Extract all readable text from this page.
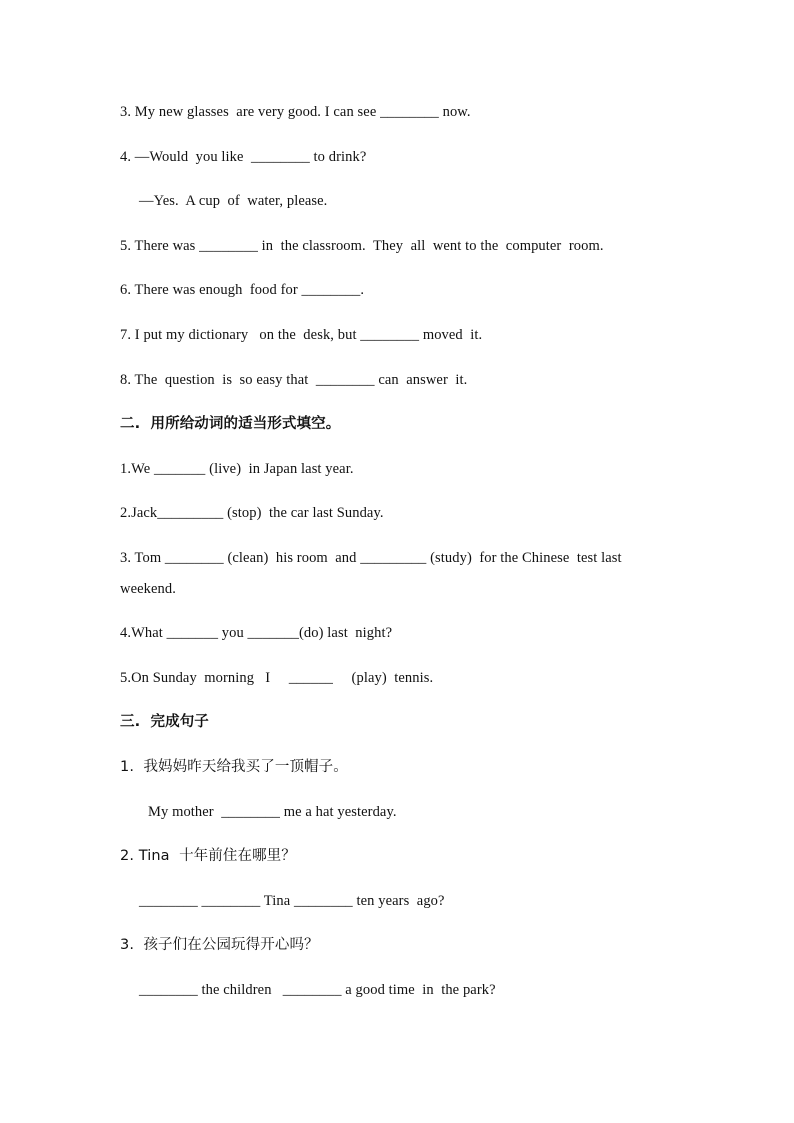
3. My new glasses  are very good. I can see ________ now.
4. —Would  you like  ________ to drink?
—Yes.  A cup  of  water, please.
5. There was ________ in  the classroom.  They  all  went to the  computer  room.
6. There was enough  food for ________.
7. I put my dictionary   on the  desk, but ________ moved  it.
8. The  question  is  so easy that  ________ can  answer  it.
二.  用所给动词的适当形式填空。
1.We _______ (live)  in Japan last year.
2.Jack_________ (stop)  the car last Sunday.
3. Tom ________ (clean)  his room  and _________ (study)  for the Chinese  test last
weekend.
4.What _______ you _______(do) last  night?
5.On Sunday  morning   I     ______     (play)  tennis.
三.  完成句子
1.  我妈妈昨天给我买了一顶帽子。
My mother  ________ me a hat yesterday.
2. Tina  十年前住在哪里？
________ ________ Tina ________ ten years  ago?
3.  孩子们在公园玩得开心吗？
________ the children   ________ a good time  in  the park?
